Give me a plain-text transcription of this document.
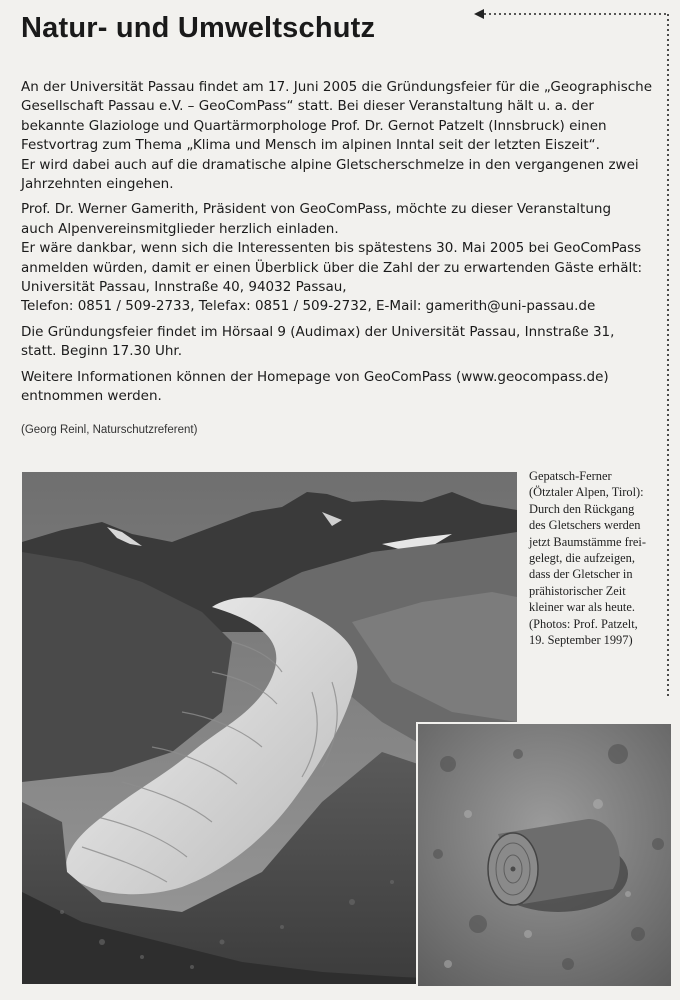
Natur- und Umweltschutz

An der Universität Passau findet am 17. Juni 2005 die Gründungsfeier für die „Geographische
Gesellschaft Passau e.V. – GeoComPass“ statt. Bei dieser Veranstaltung hält u. a. der
bekannte Glaziologe und Quartärmorphologe Prof. Dr. Gernot Patzelt (Innsbruck) einen
Festvortrag zum Thema „Klima und Mensch im alpinen Inntal seit der letzten Eiszeit“.
Er wird dabei auch auf die dramatische alpine Gletscherschmelze in den vergangenen zwei
Jahrzehnten eingehen.

Prof. Dr. Werner Gamerith, Präsident von GeoComPass, möchte zu dieser Veranstaltung
auch Alpenvereinsmitglieder herzlich einladen.
Er wäre dankbar, wenn sich die Interessenten bis spätestens 30. Mai 2005 bei GeoComPass
anmelden würden, damit er einen Überblick über die Zahl der zu erwartenden Gäste erhält:
Universität Passau, Innstraße 40, 94032 Passau,
Telefon: 0851 / 509-2733, Telefax: 0851 / 509-2732, E-Mail: gamerith@uni-passau.de

Die Gründungsfeier findet im Hörsaal 9 (Audimax) der Universität Passau, Innstraße 31,
statt. Beginn 17.30 Uhr.

Weitere Informationen können der Homepage von GeoComPass (www.geocompass.de)
entnommen werden.

(Georg Reinl, Naturschutzreferent)
Gepatsch-Ferner
(Ötztaler Alpen, Tirol):
Durch den Rückgang
des Gletschers werden
jetzt Baumstämme frei-
gelegt, die aufzeigen,
dass der Gletscher in
prähistorischer Zeit
kleiner war als heute.
(Photos: Prof. Patzelt,
19. September 1997)
